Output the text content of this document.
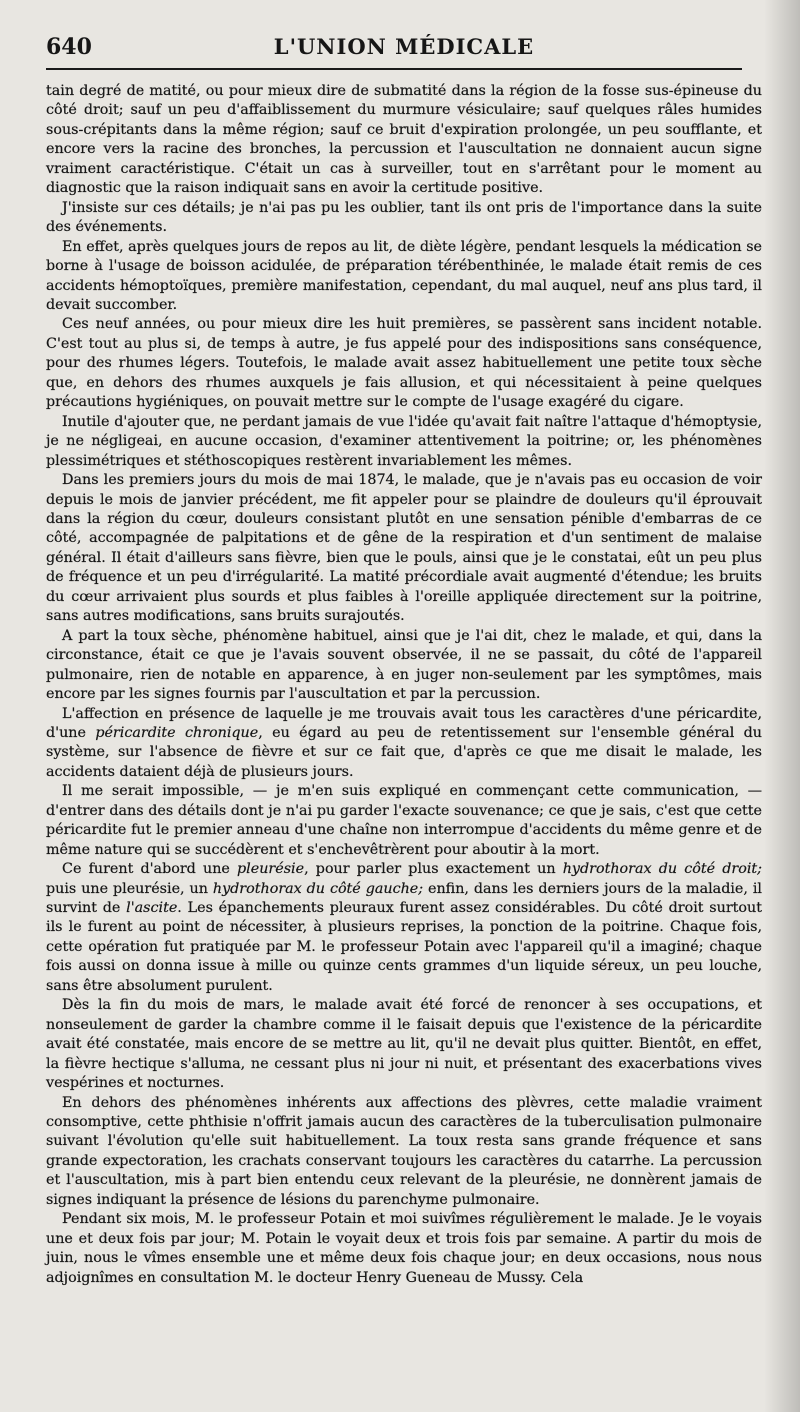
640	L'UNION MÉDICALE

tain degré de matité, ou pour mieux dire de submatité dans la région de la fosse sus-épineuse du côté droit; sauf un peu d'affaiblissement du murmure vésiculaire; sauf quelques râles humides sous-crépitants dans la même région; sauf ce bruit d'expiration prolongée, un peu soufflante, et encore vers la racine des bronches, la percussion et l'auscultation ne donnaient aucun signe vraiment caractéristique. C'était un cas à surveiller, tout en s'arrêtant pour le moment au diagnostic que la raison indiquait sans en avoir la certitude positive.

J'insiste sur ces détails; je n'ai pas pu les oublier, tant ils ont pris de l'importance dans la suite des événements.

En effet, après quelques jours de repos au lit, de diète légère, pendant lesquels la médication se borne à l'usage de boisson acidulée, de préparation térébenthinée, le malade était remis de ces accidents hémoptoïques, première manifestation, cependant, du mal auquel, neuf ans plus tard, il devait succomber.

Ces neuf années, ou pour mieux dire les huit premières, se passèrent sans incident notable. C'est tout au plus si, de temps à autre, je fus appelé pour des indispositions sans conséquence, pour des rhumes légers. Toutefois, le malade avait assez habituellement une petite toux sèche que, en dehors des rhumes auxquels je fais allusion, et qui nécessitaient à peine quelques précautions hygiéniques, on pouvait mettre sur le compte de l'usage exagéré du cigare.

Inutile d'ajouter que, ne perdant jamais de vue l'idée qu'avait fait naître l'attaque d'hémoptysie, je ne négligeai, en aucune occasion, d'examiner attentivement la poitrine; or, les phénomènes plessimétriques et stéthoscopiques restèrent invariablement les mêmes.

Dans les premiers jours du mois de mai 1874, le malade, que je n'avais pas eu occasion de voir depuis le mois de janvier précédent, me fit appeler pour se plaindre de douleurs qu'il éprouvait dans la région du cœur, douleurs consistant plutôt en une sensation pénible d'embarras de ce côté, accompagnée de palpitations et de gêne de la respiration et d'un sentiment de malaise général. Il était d'ailleurs sans fièvre, bien que le pouls, ainsi que je le constatai, eût un peu plus de fréquence et un peu d'irrégularité. La matité précordiale avait augmenté d'étendue; les bruits du cœur arrivaient plus sourds et plus faibles à l'oreille appliquée directement sur la poitrine, sans autres modifications, sans bruits surajoutés.

A part la toux sèche, phénomène habituel, ainsi que je l'ai dit, chez le malade, et qui, dans la circonstance, était ce que je l'avais souvent observée, il ne se passait, du côté de l'appareil pulmonaire, rien de notable en apparence, à en juger non-seulement par les symptômes, mais encore par les signes fournis par l'auscultation et par la percussion.

L'affection en présence de laquelle je me trouvais avait tous les caractères d'une péricardite, d'une péricardite chronique, eu égard au peu de retentissement sur l'ensemble général du système, sur l'absence de fièvre et sur ce fait que, d'après ce que me disait le malade, les accidents dataient déjà de plusieurs jours.

Il me serait impossible, — je m'en suis expliqué en commençant cette communication, — d'entrer dans des détails dont je n'ai pu garder l'exacte souvenance; ce que je sais, c'est que cette péricardite fut le premier anneau d'une chaîne non interrompue d'accidents du même genre et de même nature qui se succédèrent et s'enchevêtrèrent pour aboutir à la mort.

Ce furent d'abord une pleurésie, pour parler plus exactement un hydrothorax du côté droit; puis une pleurésie, un hydrothorax du côté gauche; enfin, dans les derniers jours de la maladie, il survint de l'ascite. Les épanchements pleuraux furent assez considérables. Du côté droit surtout ils le furent au point de nécessiter, à plusieurs reprises, la ponction de la poitrine. Chaque fois, cette opération fut pratiquée par M. le professeur Potain avec l'appareil qu'il a imaginé; chaque fois aussi on donna issue à mille ou quinze cents grammes d'un liquide séreux, un peu louche, sans être absolument purulent.

Dès la fin du mois de mars, le malade avait été forcé de renoncer à ses occupations, et nonseulement de garder la chambre comme il le faisait depuis que l'existence de la péricardite avait été constatée, mais encore de se mettre au lit, qu'il ne devait plus quitter. Bientôt, en effet, la fièvre hectique s'alluma, ne cessant plus ni jour ni nuit, et présentant des exacerbations vives vespérines et nocturnes.

En dehors des phénomènes inhérents aux affections des plèvres, cette maladie vraiment consomptive, cette phthisie n'offrit jamais aucun des caractères de la tuberculisation pulmonaire suivant l'évolution qu'elle suit habituellement. La toux resta sans grande fréquence et sans grande expectoration, les crachats conservant toujours les caractères du catarrhe. La percussion et l'auscultation, mis à part bien entendu ceux relevant de la pleurésie, ne donnèrent jamais de signes indiquant la présence de lésions du parenchyme pulmonaire.

Pendant six mois, M. le professeur Potain et moi suivîmes régulièrement le malade. Je le voyais une et deux fois par jour; M. Potain le voyait deux et trois fois par semaine. A partir du mois de juin, nous le vîmes ensemble une et même deux fois chaque jour; en deux occasions, nous nous adjoignîmes en consultation M. le docteur Henry Gueneau de Mussy. Cela
